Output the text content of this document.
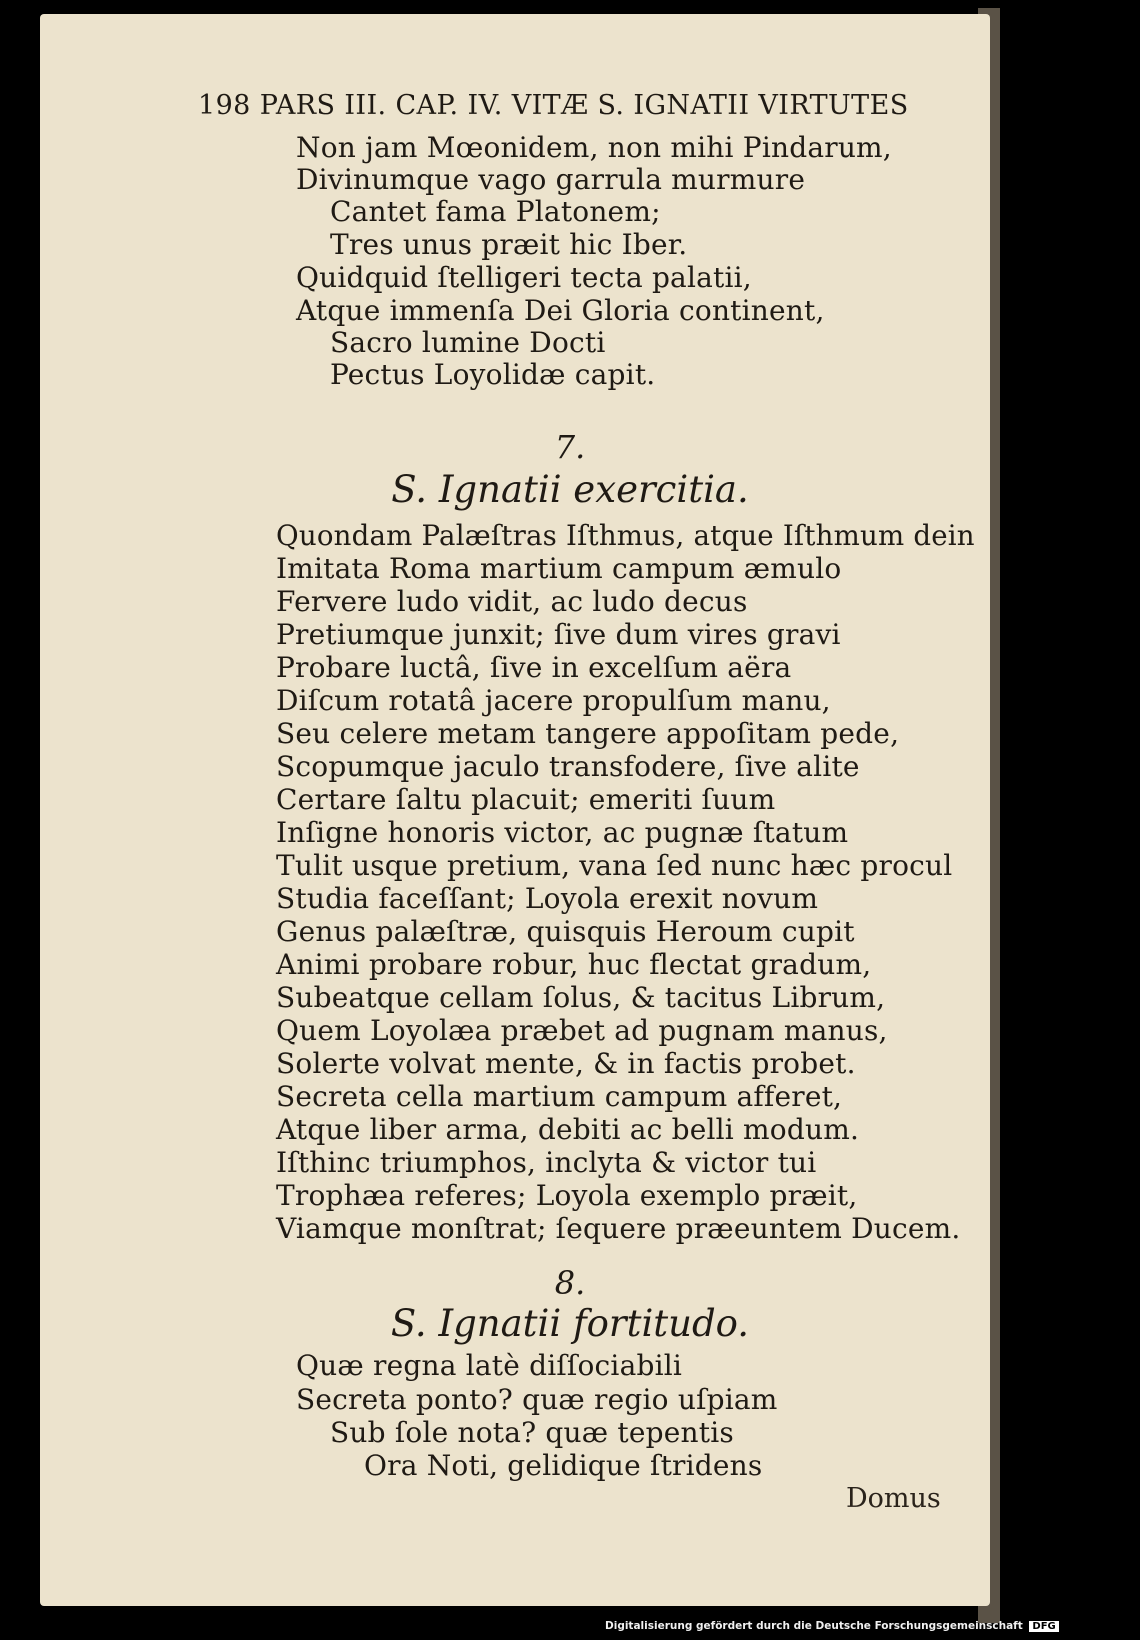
198 PARS III. CAP. IV. VITÆ S. IGNATII VIRTUTES
Non jam Mœonidem, non mihi Pindarum,
Divinumque vago garrula murmure
Cantet fama Platonem;
Tres unus præit hic Iber.
Quidquid ſtelligeri tecta palatii,
Atque immenſa Dei Gloria continent,
Sacro lumine Docti
Pectus Loyolidæ capit.
7.
S. Ignatii exercitia.
Quondam Palæſtras Iſthmus, atque Iſthmum dein
Imitata Roma martium campum æmulo
Fervere ludo vidit, ac ludo decus
Pretiumque junxit; ſive dum vires gravi
Probare luctâ, ſive in excelſum aëra
Diſcum rotatâ jacere propulſum manu,
Seu celere metam tangere appoſitam pede,
Scopumque jaculo transfodere, ſive alite
Certare ſaltu placuit; emeriti ſuum
Inſigne honoris victor, ac pugnæ ſtatum
Tulit usque pretium, vana ſed nunc hæc procul
Studia faceſſant; Loyola erexit novum
Genus palæſtræ, quisquis Heroum cupit
Animi probare robur, huc flectat gradum,
Subeatque cellam ſolus, & tacitus Librum,
Quem Loyolæa præbet ad pugnam manus,
Solerte volvat mente, & in factis probet.
Secreta cella martium campum afferet,
Atque liber arma, debiti ac belli modum.
Iſthinc triumphos, inclyta & victor tui
Trophæa referes; Loyola exemplo præit,
Viamque monſtrat; ſequere præeuntem Ducem.
8.
S. Ignatii fortitudo.
Quæ regna latè diſſociabili
Secreta ponto? quæ regio uſpiam
Sub ſole nota? quæ tepentis
Ora Noti, gelidique ſtridens
Domus
Digitalisierung gefördert durch die Deutsche Forschungsgemeinschaft DFG
